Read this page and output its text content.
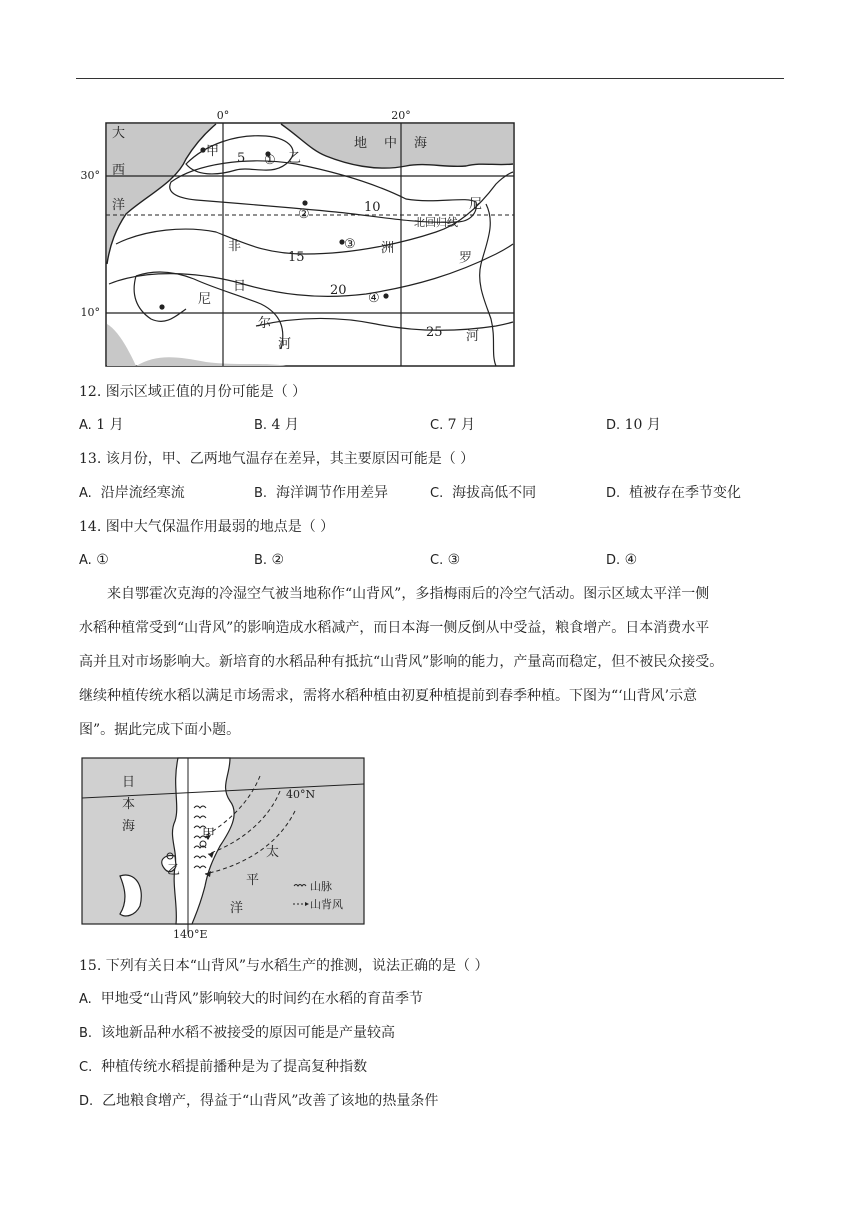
0°	20°
30°
10°
大
西
洋
地 中 海
非	洲
尼
罗
河
尼
日
尔
河
5
10
15
20
25
甲	乙
①
②
③
④
北回归线
12. 图示区域正值的月份可能是（ ）
A. 1 月	B. 4 月	C. 7 月	D. 10 月
13. 该月份，甲、乙两地气温存在差异，其主要原因可能是（ ）
A. 沿岸流经寒流	B. 海洋调节作用差异	C. 海拔高低不同	D. 植被存在季节变化
14. 图中大气保温作用最弱的地点是（ ）
A. ①	B. ②	C. ③	D. ④
来自鄂霍次克海的冷湿空气被当地称作“山背风”，多指梅雨后的冷空气活动。图示区域太平洋一侧
水稻种植常受到“山背风”的影响造成水稻减产，而日本海一侧反倒从中受益，粮食增产。日本消费水平
高并且对市场影响大。新培育的水稻品种有抵抗“山背风”影响的能力，产量高而稳定，但不被民众接受。
继续种植传统水稻以满足市场需求，需将水稻种植由初夏种植提前到春季种植。下图为“‘山背风’示意
图”。据此完成下面小题。
日
本
海
太
平
洋
40°N
140°E
甲
乙
山脉
山背风
15. 下列有关日本“山背风”与水稻生产的推测，说法正确的是（ ）
A. 甲地受“山背风”影响较大的时间约在水稻的育苗季节
B. 该地新品种水稻不被接受的原因可能是产量较高
C. 种植传统水稻提前播种是为了提高复种指数
D. 乙地粮食增产，得益于“山背风”改善了该地的热量条件
